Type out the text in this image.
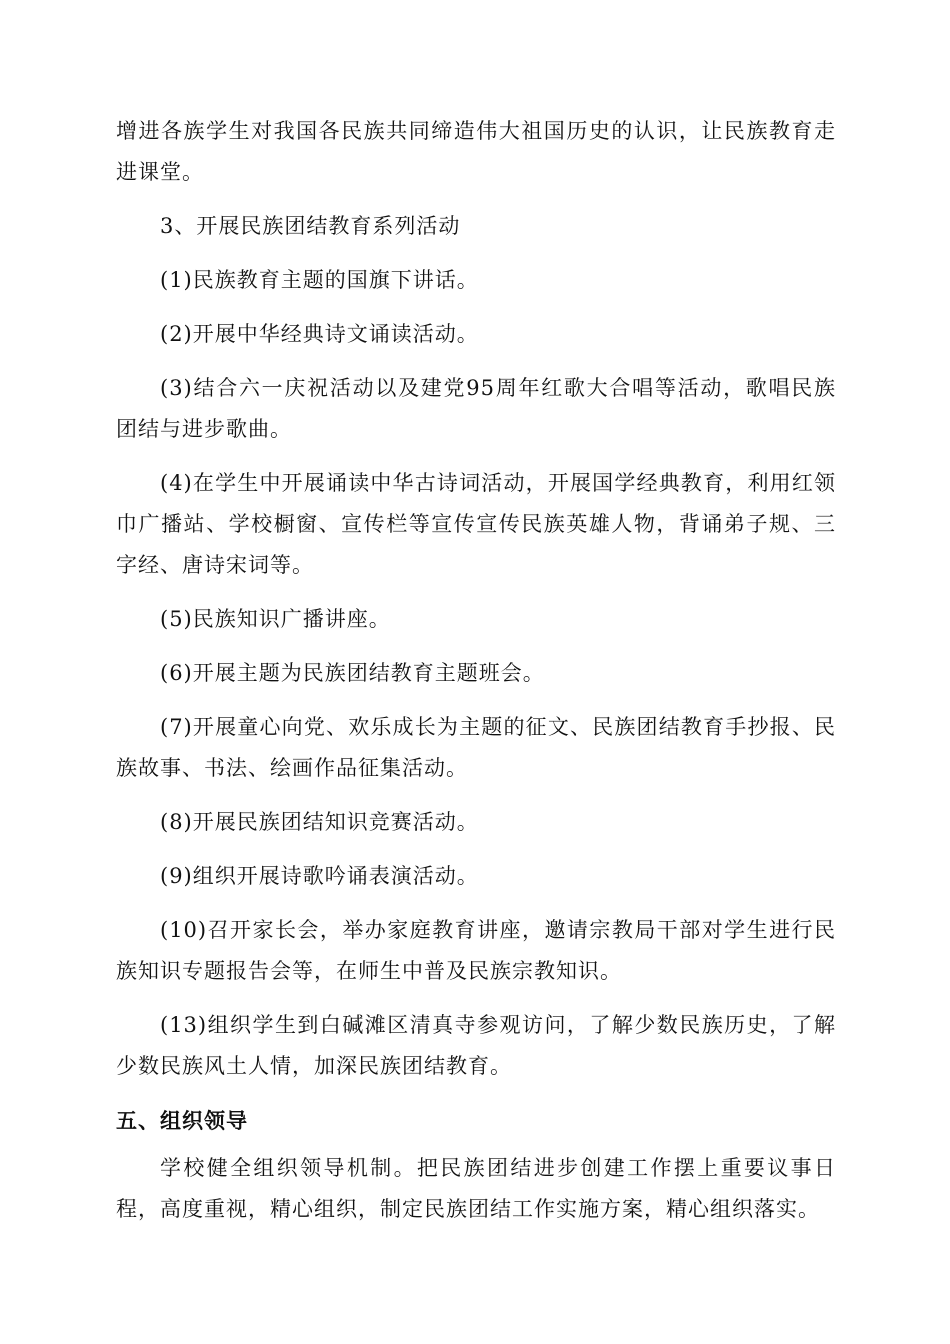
增进各族学生对我国各民族共同缔造伟大祖国历史的认识，让民族教育走进课堂。

3、开展民族团结教育系列活动

(1)民族教育主题的国旗下讲话。

(2)开展中华经典诗文诵读活动。

(3)结合六一庆祝活动以及建党95周年红歌大合唱等活动，歌唱民族团结与进步歌曲。

(4)在学生中开展诵读中华古诗词活动，开展国学经典教育，利用红领巾广播站、学校橱窗、宣传栏等宣传宣传民族英雄人物，背诵弟子规、三字经、唐诗宋词等。

(5)民族知识广播讲座。

(6)开展主题为民族团结教育主题班会。

(7)开展童心向党、欢乐成长为主题的征文、民族团结教育手抄报、民族故事、书法、绘画作品征集活动。

(8)开展民族团结知识竞赛活动。

(9)组织开展诗歌吟诵表演活动。

(10)召开家长会，举办家庭教育讲座，邀请宗教局干部对学生进行民族知识专题报告会等，在师生中普及民族宗教知识。

(13)组织学生到白碱滩区清真寺参观访问，了解少数民族历史，了解少数民族风土人情，加深民族团结教育。

五、组织领导

学校健全组织领导机制。把民族团结进步创建工作摆上重要议事日程，高度重视，精心组织，制定民族团结工作实施方案，精心组织落实。
